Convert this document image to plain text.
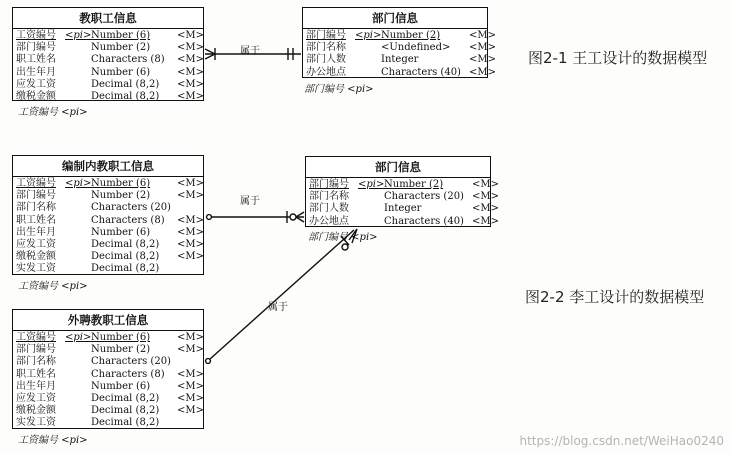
教职工信息
工资编号 <pi> Number (6)	<M>
部门编号	Number (2)	<M>
职工姓名	Characters (8) <M>
出生年月	Number (6)	<M>
应发工资	Decimal (8,2) <M>
缴税金额	Decimal (8,2) <M>
工资编号 <pi>
部门信息
部门编号 <pi> Number (2)	<M>
部门名称	<Undefined> <M>
部门人数	Integer	<M>
办公地点	Characters (40) <M>
部门编号 <pi>
属于	图2-1 王工设计的数据模型
编制内教职工信息
工资编号 <pi> Number (6)	<M>
部门编号	Number (2)	<M>
部门名称	Characters (20)
职工姓名	Characters (8) <M>
出生年月	Number (6)	<M>
应发工资	Decimal (8,2) <M>
缴税金额	Decimal (8,2) <M>
实发工资	Decimal (8,2)
工资编号 <pi>
部门信息
部门编号 <pi> Number (2)	<M>
部门名称	Characters (20) <M>
部门人数	Integer	<M>
办公地点	Characters (40) <M>
部门编号 <pi>
外聘教职工信息
工资编号 <pi> Number (6)	<M>
部门编号	Number (2)	<M>
部门名称	Characters (20)
职工姓名	Characters (8) <M>
出生年月	Number (6)	<M>
应发工资	Decimal (8,2) <M>
缴税金额	Decimal (8,2) <M>
实发工资	Decimal (8,2)
工资编号 <pi>
属于
属于
图2-2 李工设计的数据模型
https://blog.csdn.net/WeiHao0240
